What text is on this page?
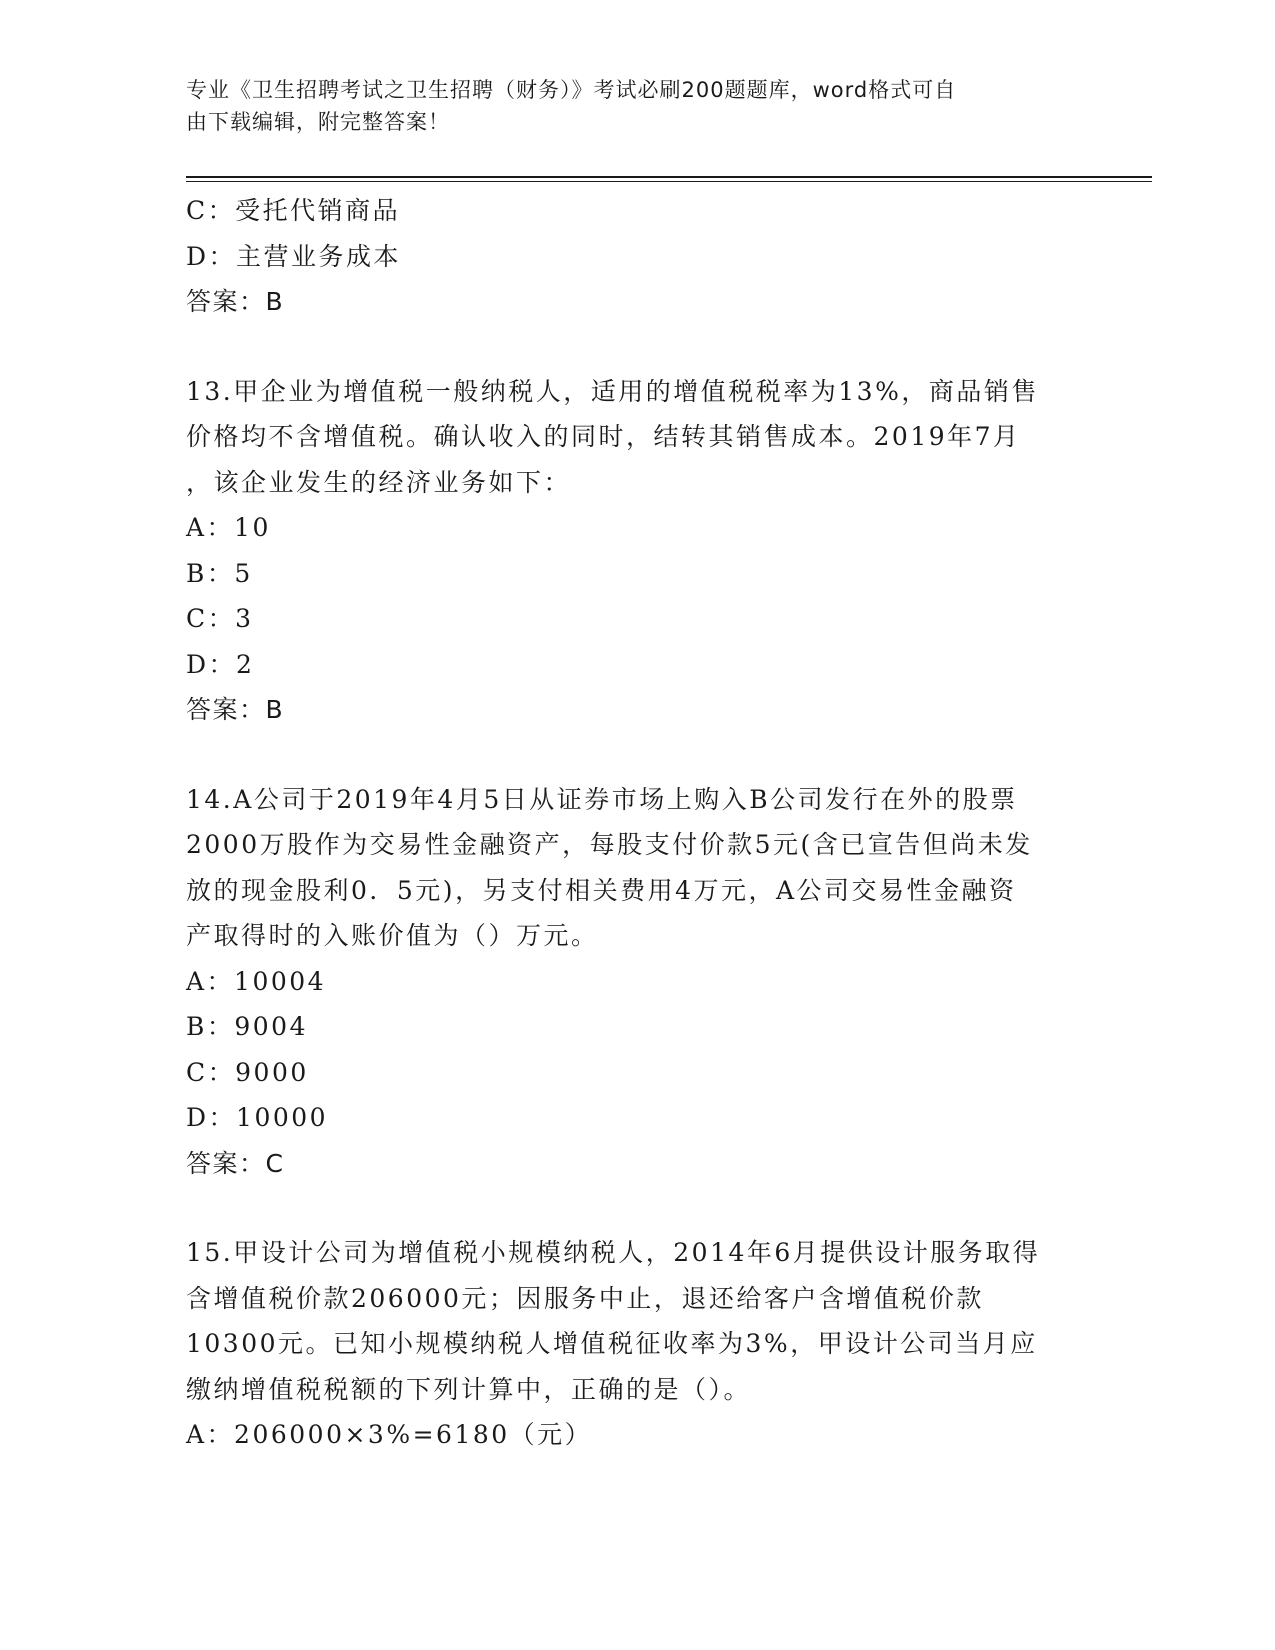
专业《卫生招聘考试之卫生招聘（财务）》考试必刷200题题库，word格式可自
由下载编辑，附完整答案！
C：受托代销商品
D：主营业务成本
答案：B
13.甲企业为增值税一般纳税人，适用的增值税税率为13%，商品销售
价格均不含增值税。确认收入的同时，结转其销售成本。2019年7月
，该企业发生的经济业务如下：
A：10
B：5
C：3
D：2
答案：B
14.A公司于2019年4月5日从证券市场上购入B公司发行在外的股票
2000万股作为交易性金融资产，每股支付价款5元(含已宣告但尚未发
放的现金股利0．5元)，另支付相关费用4万元，A公司交易性金融资
产取得时的入账价值为（）万元。
A：10004
B：9004
C：9000
D：10000
答案：C
15.甲设计公司为增值税小规模纳税人，2014年6月提供设计服务取得
含增值税价款206000元；因服务中止，退还给客户含增值税价款
10300元。已知小规模纳税人增值税征收率为3%，甲设计公司当月应
缴纳增值税税额的下列计算中，正确的是（）。
A：206000×3%=6180（元）
